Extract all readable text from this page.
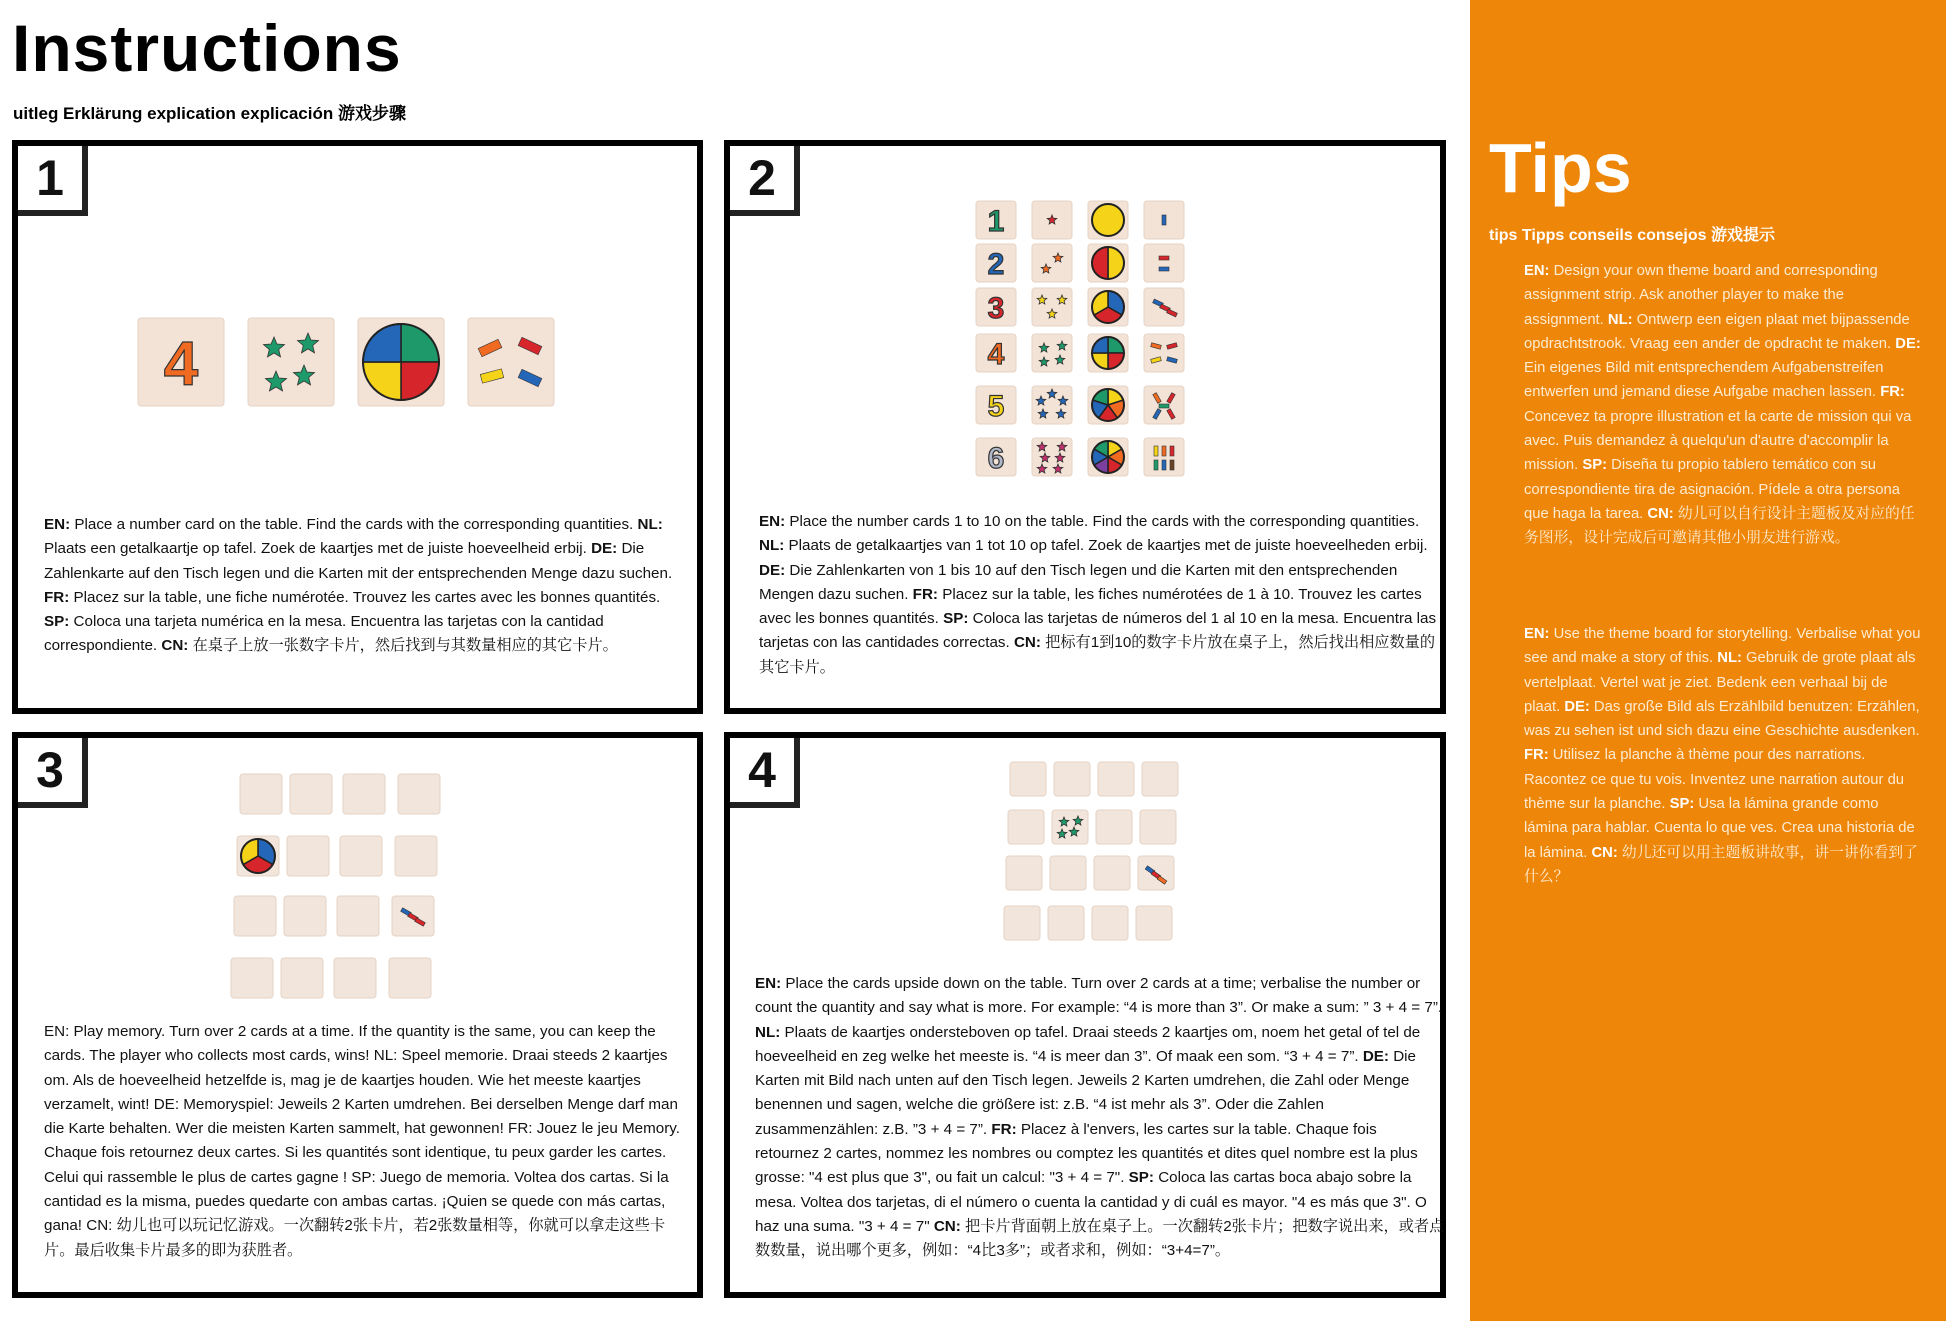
Instructions
uitleg Erklärung explication explicación 游戏步骤
1
4
EN: Place a number card on the table. Find the cards with the corresponding quantities. NL: Plaats een getalkaartje op tafel. Zoek de kaartjes met de juiste hoeveelheid erbij. DE: Die Zahlenkarte auf den Tisch legen und die Karten mit der entsprechenden Menge dazu suchen. FR: Placez sur la table, une fiche numérotée. Trouvez les cartes avec les bonnes quantités. SP: Coloca una tarjeta numérica en la mesa. Encuentra las tarjetas con la cantidad correspondiente. CN: 在桌子上放一张数字卡片，然后找到与其数量相应的其它卡片。
2
1
2
3
4
5
6
EN: Place the number cards 1 to 10 on the table. Find the cards with the corresponding quantities. NL: Plaats de getalkaartjes van 1 tot 10 op tafel. Zoek de kaartjes met de juiste hoeveelheden erbij. DE: Die Zahlenkarten von 1 bis 10 auf den Tisch legen und die Karten mit den entsprechenden Mengen dazu suchen. FR: Placez sur la table, les fiches numérotées de 1 à 10. Trouvez les cartes avec les bonnes quantités. SP: Coloca las tarjetas de números del 1 al 10 en la mesa. Encuentra las tarjetas con las cantidades correctas. CN: 把标有1到10的数字卡片放在桌子上，然后找出相应数量的其它卡片。
3
EN: Play memory. Turn over 2 cards at a time. If the quantity is the same, you can keep the cards. The player who collects most cards, wins! NL: Speel memorie. Draai steeds 2 kaartjes om. Als de hoeveelheid hetzelfde is, mag je de kaartjes houden. Wie het meeste kaartjes verzamelt, wint! DE: Memoryspiel: Jeweils 2 Karten umdrehen. Bei derselben Menge darf man die Karte behalten. Wer die meisten Karten sammelt, hat gewonnen! FR: Jouez le jeu Memory. Chaque fois retournez deux cartes. Si les quantités sont identique, tu peux garder les cartes. Celui qui rassemble le plus de cartes gagne ! SP: Juego de memoria. Voltea dos cartas. Si la cantidad es la misma, puedes quedarte con ambas cartas. ¡Quien se quede con más cartas, gana! CN: 幼儿也可以玩记忆游戏。一次翻转2张卡片，若2张数量相等，你就可以拿走这些卡片。最后收集卡片最多的即为获胜者。
4
EN: Place the cards upside down on the table. Turn over 2 cards at a time; verbalise the number or count the quantity and say what is more. For example: “4 is more than 3”. Or make a sum: ” 3 + 4 = 7”. NL: Plaats de kaartjes ondersteboven op tafel. Draai steeds 2 kaartjes om, noem het getal of tel de hoeveelheid en zeg welke het meeste is. “4 is meer dan 3”. Of maak een som. “3 + 4 = 7”. DE: Die Karten mit Bild nach unten auf den Tisch legen. Jeweils 2 Karten umdrehen, die Zahl oder Menge benennen und sagen, welche die größere ist: z.B. “4 ist mehr als 3”. Oder die Zahlen zusammenzählen: z.B. ”3 + 4 = 7”. FR: Placez à l'envers, les cartes sur la table. Chaque fois retournez 2 cartes, nommez les nombres ou comptez les quantités et dites quel nombre est la plus grosse: "4 est plus que 3", ou fait un calcul: "3 + 4 = 7". SP: Coloca las cartas boca abajo sobre la mesa. Voltea dos tarjetas, di el número o cuenta la cantidad y di cuál es mayor. "4 es más que 3". O haz una suma. "3 + 4 = 7" CN: 把卡片背面朝上放在桌子上。一次翻转2张卡片；把数字说出来，或者点数数量，说出哪个更多，例如：“4比3多”；或者求和，例如：“3+4=7”。
Tips
tips Tipps conseils consejos 游戏提示
EN: Design your own theme board and corresponding assignment strip. Ask another player to make the assignment. NL: Ontwerp een eigen plaat met bijpassende opdrachtstrook. Vraag een ander de opdracht te maken. DE: Ein eigenes Bild mit entsprechendem Aufgabenstreifen entwerfen und jemand diese Aufgabe machen lassen. FR: Concevez ta propre illustration et la carte de mission qui va avec. Puis demandez à quelqu'un d'autre d'accomplir la mission. SP: Diseña tu propio tablero temático con su correspondiente tira de asignación. Pídele a otra persona que haga la tarea. CN: 幼儿可以自行设计主题板及对应的任务图形，设计完成后可邀请其他小朋友进行游戏。
EN: Use the theme board for storytelling. Verbalise what you see and make a story of this. NL: Gebruik de grote plaat als vertelplaat. Vertel wat je ziet. Bedenk een verhaal bij de plaat. DE: Das große Bild als Erzählbild benutzen: Erzählen, was zu sehen ist und sich dazu eine Geschichte ausdenken. FR: Utilisez la planche à thème pour des narrations. Racontez ce que tu vois. Inventez une narration autour du thème sur la planche. SP: Usa la lámina grande como lámina para hablar. Cuenta lo que ves. Crea una historia de la lámina. CN: 幼儿还可以用主题板讲故事，讲一讲你看到了什么？
